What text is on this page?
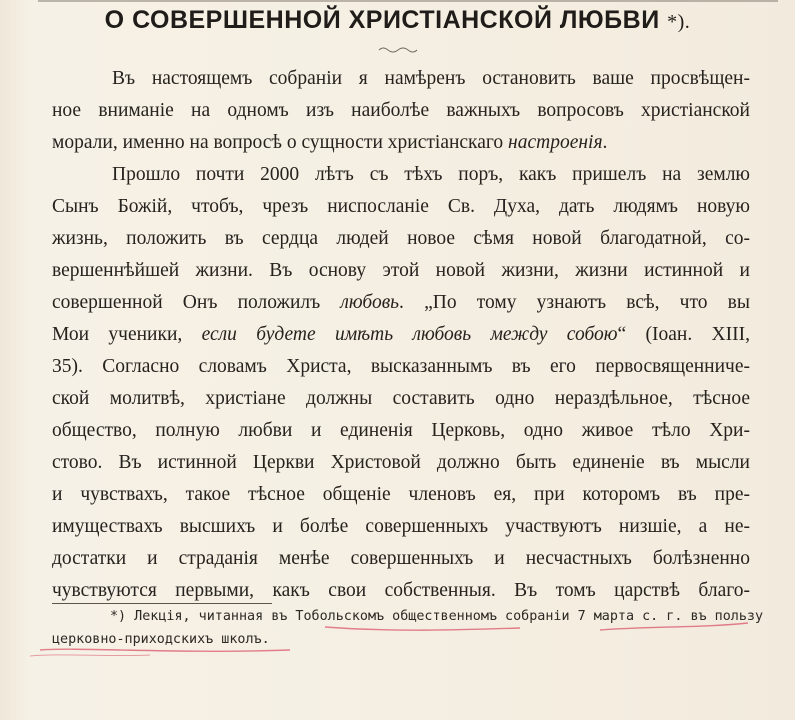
О СОВЕРШЕННОЙ ХРИСТІАНСКОЙ ЛЮБВИ *).
Въ настоящемъ собраніи я намѣренъ остановить ваше просвѣщен-
ное вниманіе на одномъ изъ наиболѣе важныхъ вопросовъ христіанской
морали, именно на вопросѣ о сущности христіанскаго настроенія.
Прошло почти 2000 лѣтъ съ тѣхъ поръ, какъ пришелъ на землю
Сынъ Божій, чтобъ, чрезъ ниспосланіе Св. Духа, дать людямъ новую
жизнь, положить въ сердца людей новое сѣмя новой благодатной, со-
вершеннѣйшей жизни. Въ основу этой новой жизни, жизни истинной и
совершенной Онъ положилъ любовь. „По тому узнаютъ всѣ, что вы
Мои ученики, если будете имѣть любовь между собою“ (Іоан. XIII,
35). Согласно словамъ Христа, высказаннымъ въ его первосвященниче-
ской молитвѣ, христіане должны составить одно нераздѣльное, тѣсное
общество, полную любви и единенія Церковь, одно живое тѣло Хри-
стово. Въ истинной Церкви Христовой должно быть единеніе въ мысли
и чувствахъ, такое тѣсное общеніе членовъ ея, при которомъ въ пре-
имуществахъ высшихъ и болѣе совершенныхъ участвуютъ низшіе, а не-
достатки и страданія менѣе совершенныхъ и несчастныхъ болѣзненно
чувствуются первыми, какъ свои собственныя. Въ томъ царствѣ благо-
*) Лекція, читанная въ Тобольскомъ общественномъ собраніи 7 марта с. г. въ пользу
церковно-приходскихъ школъ.
